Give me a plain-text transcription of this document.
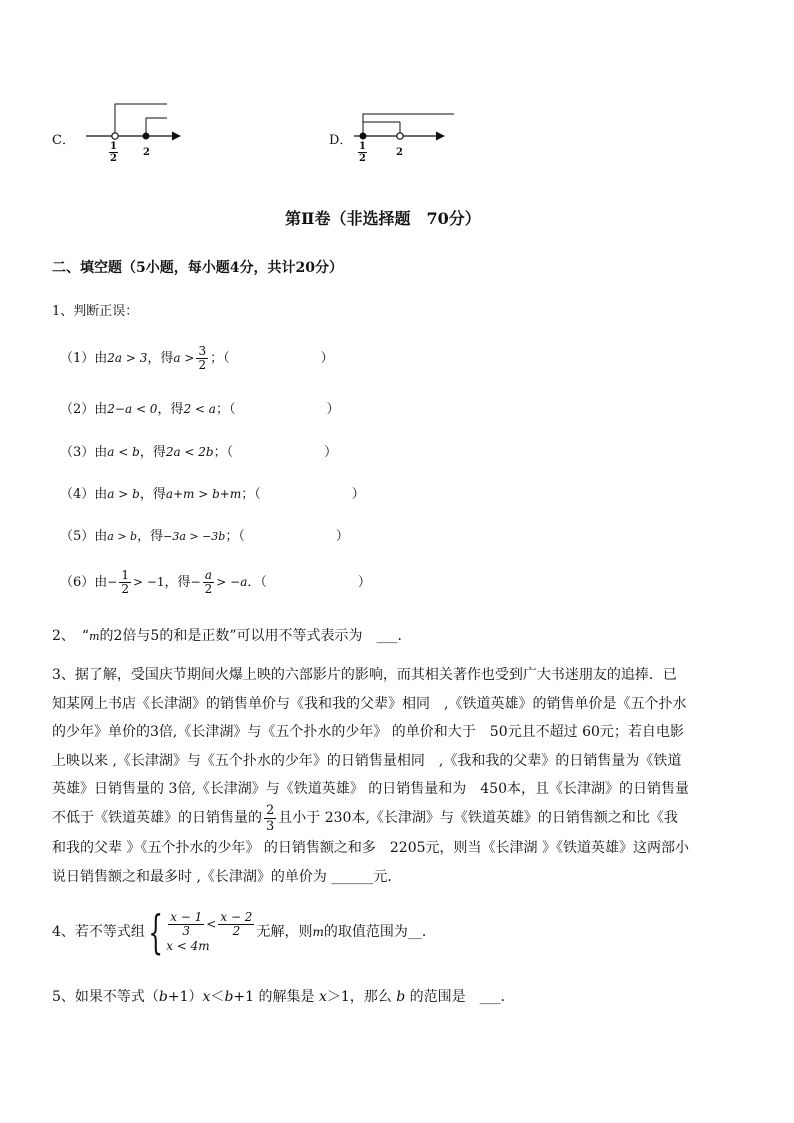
C．	1
2
2
D． 1
2
2
第Ⅱ卷（非选择题　70分）
二、填空题（5小题，每小题4分，共计20分）
1、判断正误：
（1）由2a > 3，得$a > \frac{3}{2}$ ；（　　　　　　　）
（2）由2−a < 0，得2 < a；（　　　　　　　）
（3）由a < b，得2a < 2b；（　　　　　　　）
（4）由a > b，得a+m > b+m；（　　　　　　　）
（5）由a > b，得−3a > −3b；（　　　　　　　）
（6）由− $\frac{1}{2} > -1$，得− $\frac{a}{2} > -a$．（　　　　　　　）
2、　“m的2倍与5的和是正数”可以用不等式表示为　___．
3、据了解，受国庆节期间火爆上映的六部影片的影响，而其相关著作也受到广大书迷朋友的追捧．已
知某网上书店《长津湖》的销售单价与《我和我的父辈》相同　,《铁道英雄》的销售单价是《五个扑水
的少年》单价的3倍,《长津湖》与《五个扑水的少年》 的单价和大于　50元且不超过 60元；若自电影
上映以来 ,《长津湖》与《五个扑水的少年》的日销售量相同　,《我和我的父辈》的日销售量为《铁道
英雄》日销售量的 3倍,《长津湖》与《铁道英雄》 的日销售量和为　450本，且《长津湖》的日销售量
不低于《铁道英雄》的日销售量的 $\frac{2}{3}$ 且小于 230本,《长津湖》与《铁道英雄》的日销售额之和比《我
和我的父辈 》《五个扑水的少年》 的日销售额之和多　2205元，则当《长津湖 》《铁道英雄》这两部小
说日销售额之和最多时 ,《长津湖》的单价为 ______元．
4、若不等式组{ $\frac{x - 1}{3} < \frac{x - 2}{2}$
x < 4m
无解，则m的取值范围为__．
5、如果不等式（b+1）x＜b+1 的解集是 x＞1，那么 b 的范围是　___．
